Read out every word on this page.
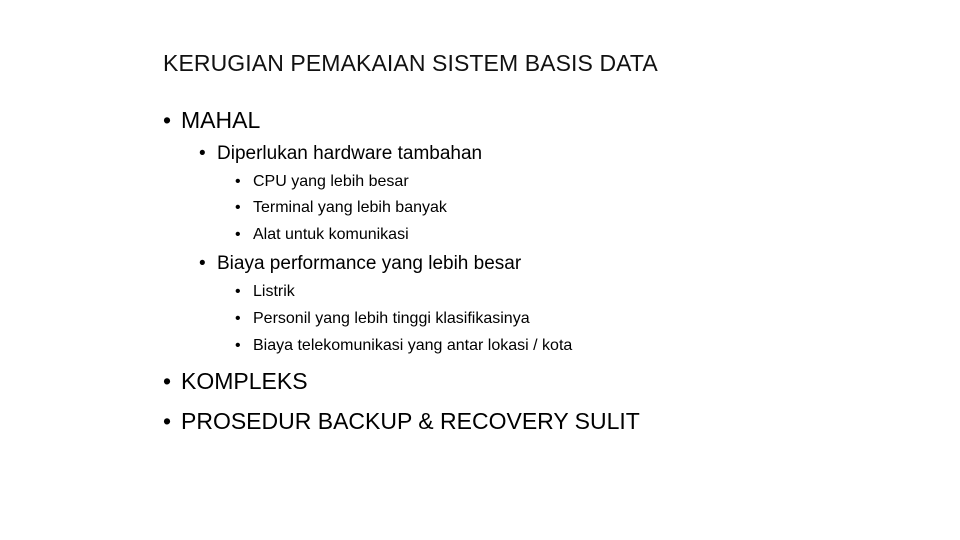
KERUGIAN PEMAKAIAN SISTEM BASIS DATA
• MAHAL
• Diperlukan hardware tambahan
• CPU yang lebih besar
• Terminal yang lebih banyak
• Alat untuk komunikasi
• Biaya performance yang lebih besar
• Listrik
• Personil yang lebih tinggi klasifikasinya
• Biaya telekomunikasi yang antar lokasi / kota
• KOMPLEKS
• PROSEDUR BACKUP & RECOVERY SULIT
